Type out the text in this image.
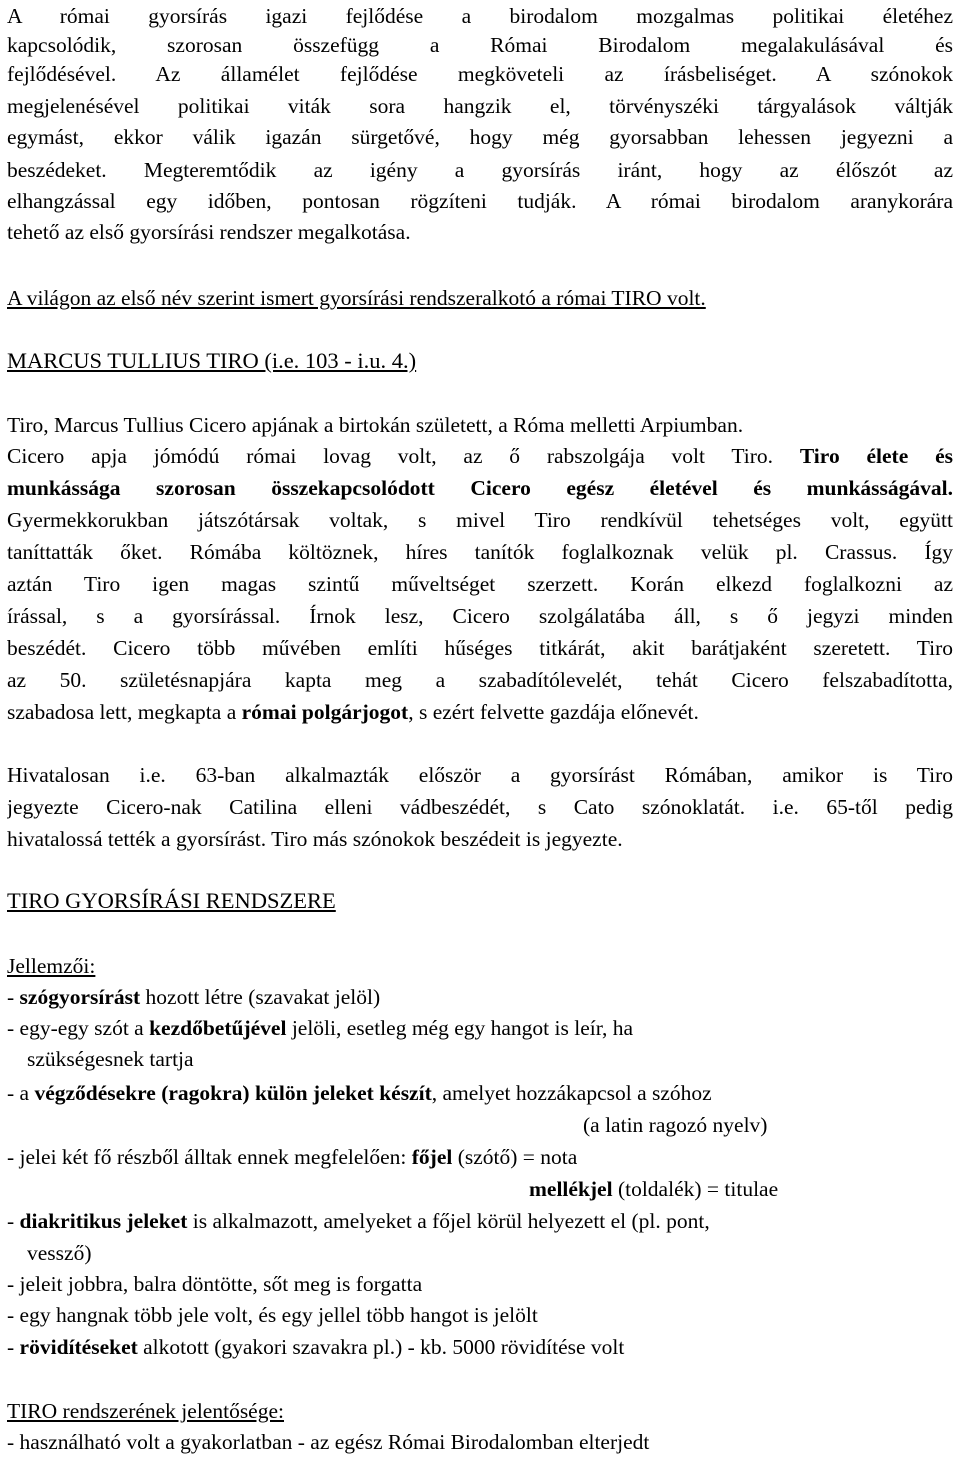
A római gyorsírás igazi fejlődése a birodalom mozgalmas politikai életéhez
kapcsolódik, szorosan összefügg a Római Birodalom megalakulásával és
fejlődésével. Az államélet fejlődése megköveteli az írásbeliséget. A szónokok
megjelenésével politikai viták sora hangzik el, törvényszéki tárgyalások váltják
egymást, ekkor válik igazán sürgetővé, hogy még gyorsabban lehessen jegyezni a
beszédeket. Megteremtődik az igény a gyorsírás iránt, hogy az élőszót az
elhangzással egy időben, pontosan rögzíteni tudják. A római birodalom aranykorára
tehető az első gyorsírási rendszer megalkotása.
A világon az első név szerint ismert gyorsírási rendszeralkotó a római TIRO volt.
MARCUS TULLIUS TIRO (i.e. 103 - i.u. 4.)
Tiro, Marcus Tullius Cicero apjának a birtokán született, a Róma melletti Arpiumban.
Cicero apja jómódú római lovag volt, az ő rabszolgája volt Tiro. Tiro élete és
munkássága szorosan összekapcsolódott Cicero egész életével és munkásságával.
Gyermekkorukban játszótársak voltak, s mivel Tiro rendkívül tehetséges volt, együtt
taníttatták őket. Rómába költöznek, híres tanítók foglalkoznak velük pl. Crassus. Így
aztán Tiro igen magas szintű műveltséget szerzett. Korán elkezd foglalkozni az
írással, s a gyorsírással. Írnok lesz, Cicero szolgálatába áll, s ő jegyzi minden
beszédét. Cicero több művében említi hűséges titkárát, akit barátjaként szeretett. Tiro
az 50. születésnapjára kapta meg a szabadítólevelét, tehát Cicero felszabadította,
szabadosa lett, megkapta a római polgárjogot, s ezért felvette gazdája előnevét.
Hivatalosan i.e. 63-ban alkalmazták először a gyorsírást Rómában, amikor is Tiro
jegyezte Cicero-nak Catilina elleni vádbeszédét, s Cato szónoklatát. i.e. 65-től pedig
hivatalossá tették a gyorsírást. Tiro más szónokok beszédeit is jegyezte.
TIRO GYORSÍRÁSI RENDSZERE
Jellemzői:
- szógyorsírást hozott létre (szavakat jelöl)
- egy-egy szót a kezdőbetűjével jelöli, esetleg még egy hangot is leír, ha
szükségesnek tartja
- a végződésekre (ragokra) külön jeleket készít, amelyet hozzákapcsol a szóhoz
(a latin ragozó nyelv)
- jelei két fő részből álltak ennek megfelelően: főjel (szótő) = nota
mellékjel (toldalék) = titulae
- diakritikus jeleket is alkalmazott, amelyeket a főjel körül helyezett el (pl. pont,
vessző)
- jeleit jobbra, balra döntötte, sőt meg is forgatta
- egy hangnak több jele volt, és egy jellel több hangot is jelölt
- rövidítéseket alkotott (gyakori szavakra pl.) - kb. 5000 rövidítése volt
TIRO rendszerének jelentősége:
- használható volt a gyakorlatban - az egész Római Birodalomban elterjedt
